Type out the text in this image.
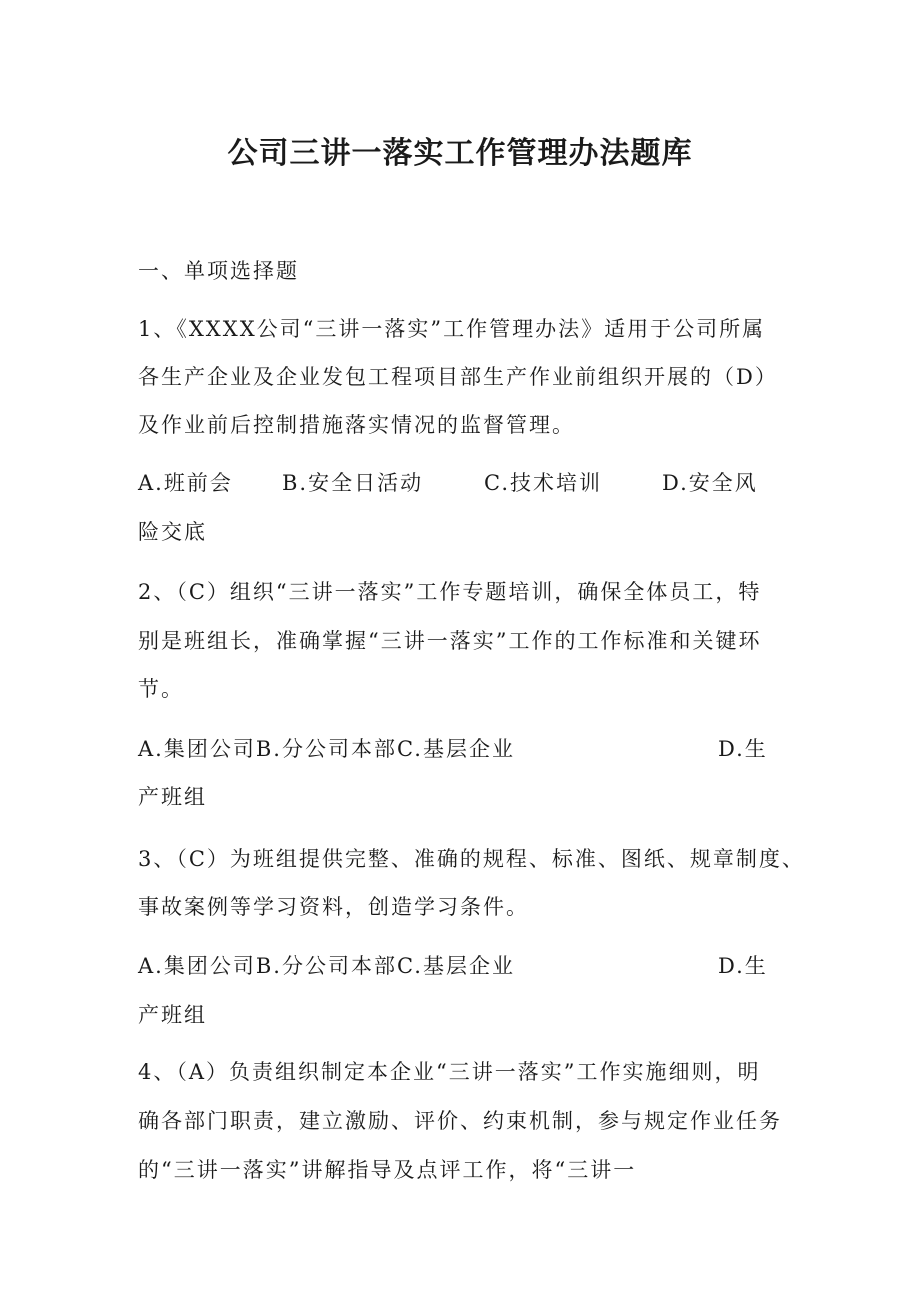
公司三讲一落实工作管理办法题库
一、单项选择题
1、《XXXX公司“三讲一落实”工作管理办法》适用于公司所属
各生产企业及企业发包工程项目部生产作业前组织开展的（D）
及作业前后控制措施落实情况的监督管理。
A.班前会 B.安全日活动	C.技术培训	D.安全风
险交底
2、（C）组织“三讲一落实”工作专题培训，确保全体员工，特
别是班组长，准确掌握“三讲一落实”工作的工作标准和关键环
节。
A.集团公司B.分公司本部C.基层企业	D.生
产班组
3、（C）为班组提供完整、准确的规程、标准、图纸、规章制度、
事故案例等学习资料，创造学习条件。
A.集团公司B.分公司本部C.基层企业	D.生
产班组
4、（A）负责组织制定本企业“三讲一落实”工作实施细则，明
确各部门职责，建立激励、评价、约束机制，参与规定作业任务
的“三讲一落实”讲解指导及点评工作，将“三讲一
